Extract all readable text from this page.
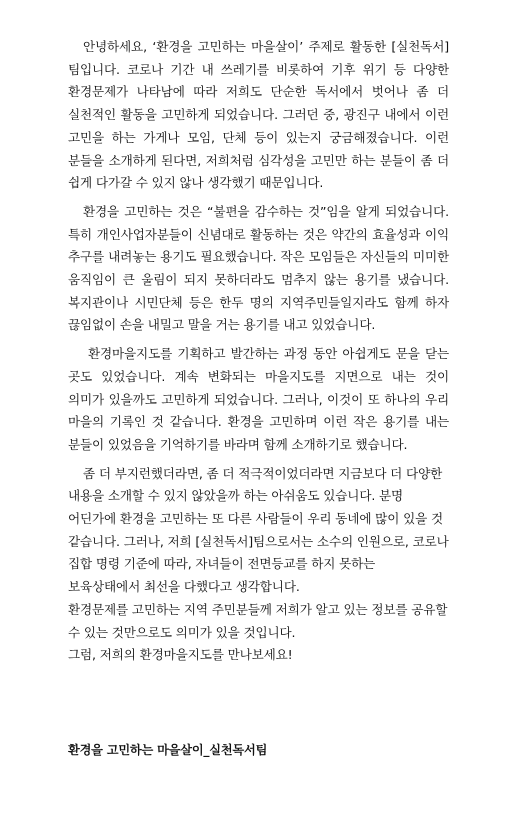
안녕하세요, ‘환경을 고민하는 마을살이’ 주제로 활동한 [실천독서]팀입니다. 코로나 기간 내 쓰레기를 비롯하여 기후 위기 등 다양한 환경문제가 나타남에 따라 저희도 단순한 독서에서 벗어나 좀 더 실천적인 활동을 고민하게 되었습니다. 그러던 중, 광진구 내에서 이런 고민을 하는 가게나 모임, 단체 등이 있는지 궁금해졌습니다. 이런 분들을 소개하게 된다면, 저희처럼 심각성을 고민만 하는 분들이 좀 더 쉽게 다가갈 수 있지 않나 생각했기 때문입니다.

환경을 고민하는 것은 “불편을 감수하는 것”임을 알게 되었습니다. 특히 개인사업자분들이 신념대로 활동하는 것은 약간의 효율성과 이익 추구를 내려놓는 용기도 필요했습니다. 작은 모임들은 자신들의 미미한 움직임이 큰 울림이 되지 못하더라도 멈추지 않는 용기를 냈습니다. 복지관이나 시민단체 등은 한두 명의 지역주민들일지라도 함께 하자 끊임없이 손을 내밀고 말을 거는 용기를 내고 있었습니다.

환경마을지도를 기획하고 발간하는 과정 동안 아쉽게도 문을 닫는 곳도 있었습니다. 계속 변화되는 마을지도를 지면으로 내는 것이 의미가 있을까도 고민하게 되었습니다. 그러나, 이것이 또 하나의 우리 마을의 기록인 것 같습니다. 환경을 고민하며 이런 작은 용기를 내는 분들이 있었음을 기억하기를 바라며 함께 소개하기로 했습니다.

좀 더 부지런했더라면, 좀 더 적극적이었더라면 지금보다 더 다양한 내용을 소개할 수 있지 않았을까 하는 아쉬움도 있습니다. 분명 어딘가에 환경을 고민하는 또 다른 사람들이 우리 동네에 많이 있을 것 같습니다. 그러나, 저희 [실천독서]팀으로서는 소수의 인원으로, 코로나 집합 명령 기준에 따라, 자녀들이 전면등교를 하지 못하는 보육상태에서 최선을 다했다고 생각합니다.

환경문제를 고민하는 지역 주민분들께 저희가 알고 있는 정보를 공유할 수 있는 것만으로도 의미가 있을 것입니다.

그럼, 저희의 환경마을지도를 만나보세요!

환경을 고민하는 마을살이_실천독서팀
